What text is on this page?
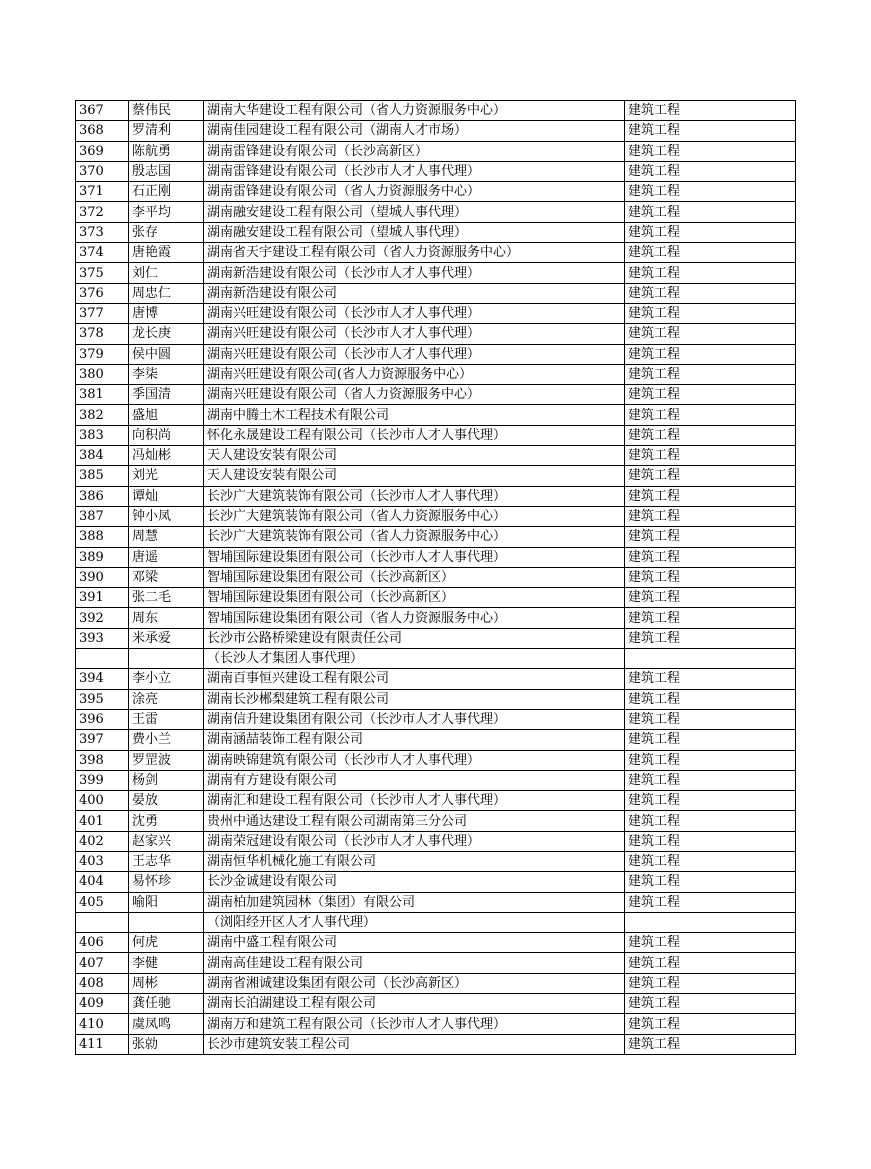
367	蔡伟民	湖南大华建设工程有限公司（省人力资源服务中心）	建筑工程
368	罗清利	湖南佳园建设工程有限公司（湖南人才市场）	建筑工程
369	陈航勇	湖南雷锋建设有限公司（长沙高新区）	建筑工程
370	殷志国	湖南雷锋建设有限公司（长沙市人才人事代理）	建筑工程
371	石正刚	湖南雷锋建设有限公司（省人力资源服务中心）	建筑工程
372	李平均	湖南融安建设工程有限公司（望城人事代理）	建筑工程
373	张存	湖南融安建设工程有限公司（望城人事代理）	建筑工程
374	唐艳霞	湖南省天宇建设工程有限公司（省人力资源服务中心）	建筑工程
375	刘仁	湖南新浩建设有限公司（长沙市人才人事代理）	建筑工程
376	周忠仁	湖南新浩建设有限公司	建筑工程
377	唐博	湖南兴旺建设有限公司（长沙市人才人事代理）	建筑工程
378	龙长庚	湖南兴旺建设有限公司（长沙市人才人事代理）	建筑工程
379	侯中圆	湖南兴旺建设有限公司（长沙市人才人事代理）	建筑工程
380	李柒	湖南兴旺建设有限公司(省人力资源服务中心）	建筑工程
381	季国清	湖南兴旺建设有限公司（省人力资源服务中心）	建筑工程
382	盛旭	湖南中腾土木工程技术有限公司	建筑工程
383	向积尚	怀化永晟建设工程有限公司（长沙市人才人事代理）	建筑工程
384	冯灿彬	天人建设安装有限公司	建筑工程
385	刘光	天人建设安装有限公司	建筑工程
386	谭灿	长沙广大建筑装饰有限公司（长沙市人才人事代理）	建筑工程
387	钟小凤	长沙广大建筑装饰有限公司（省人力资源服务中心）	建筑工程
388	周慧	长沙广大建筑装饰有限公司（省人力资源服务中心）	建筑工程
389	唐遥	智埔国际建设集团有限公司（长沙市人才人事代理）	建筑工程
390	邓梁	智埔国际建设集团有限公司（长沙高新区）	建筑工程
391	张二毛	智埔国际建设集团有限公司（长沙高新区）	建筑工程
392	周东	智埔国际建设集团有限公司（省人力资源服务中心）	建筑工程
393	米承爱	长沙市公路桥梁建设有限责任公司	建筑工程
		（长沙人才集团人事代理）	
394	李小立	湖南百事恒兴建设工程有限公司	建筑工程
395	涂亮	湖南长沙郴梨建筑工程有限公司	建筑工程
396	王雷	湖南信升建设集团有限公司（长沙市人才人事代理）	建筑工程
397	费小兰	湖南涵喆装饰工程有限公司	建筑工程
398	罗罡波	湖南映锦建筑有限公司（长沙市人才人事代理）	建筑工程
399	杨剑	湖南有方建设有限公司	建筑工程
400	晏放	湖南汇和建设工程有限公司（长沙市人才人事代理）	建筑工程
401	沈勇	贵州中通达建设工程有限公司湖南第三分公司	建筑工程
402	赵家兴	湖南荣冠建设有限公司（长沙市人才人事代理）	建筑工程
403	王志华	湖南恒华机械化施工有限公司	建筑工程
404	易怀珍	长沙金诚建设有限公司	建筑工程
405	喻阳	湖南柏加建筑园林（集团）有限公司	建筑工程
		（浏阳经开区人才人事代理）	
406	何虎	湖南中盛工程有限公司	建筑工程
407	李健	湖南高佳建设工程有限公司	建筑工程
408	周彬	湖南省湘诚建设集团有限公司（长沙高新区）	建筑工程
409	龚任驰	湖南长泊湖建设工程有限公司	建筑工程
410	虞凤鸣	湖南万和建筑工程有限公司（长沙市人才人事代理）	建筑工程
411	张勍	长沙市建筑安装工程公司	建筑工程
